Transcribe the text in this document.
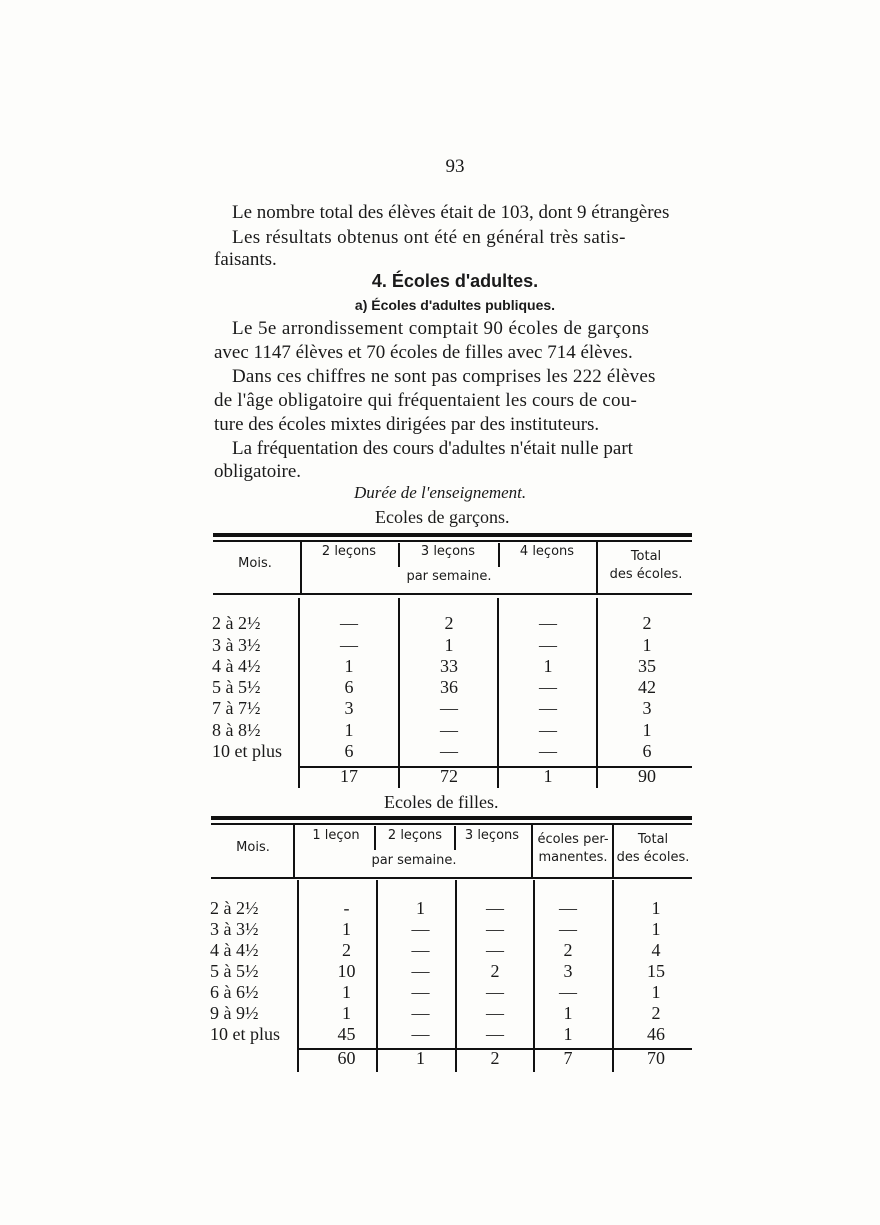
93
Le nombre total des élèves était de 103, dont 9 étrangères
Les résultats obtenus ont été en général très satis-
faisants.
4. Écoles d'adultes.
a) Écoles d'adultes publiques.
Le 5e arrondissement comptait 90 écoles de garçons
avec 1147 élèves et 70 écoles de filles avec 714 élèves.
Dans ces chiffres ne sont pas comprises les 222 élèves
de l'âge obligatoire qui fréquentaient les cours de cou-
ture des écoles mixtes dirigées par des instituteurs.
La fréquentation des cours d'adultes n'était nulle part
obligatoire.
Durée de l'enseignement.
Ecoles de garçons.
Mois.
2 leçons	3 leçons	4 leçons
par semaine.
Total
des écoles.
2 à 2½	—	2	—	2
3 à 3½	—	1	—	1
4 à 4½	1	33	1	35
5 à 5½	6	36	—	42
7 à 7½	3	—	—	3
8 à 8½	1	—	—	1
10 et plus	6	—	—	6
17	72	1	90
Ecoles de filles.
Mois.
1 leçon	2 leçons	3 leçons
par semaine.
écoles per-
manentes.
Total
des écoles.
2 à 2½	-	1	—	—	1
3 à 3½	1	—	—	—	1
4 à 4½	2	—	—	2	4
5 à 5½	10	—	2	3	15
6 à 6½	1	—	—	—	1
9 à 9½	1	—	—	1	2
10 et plus	45	—	—	1	46
60	1	2	7	70
